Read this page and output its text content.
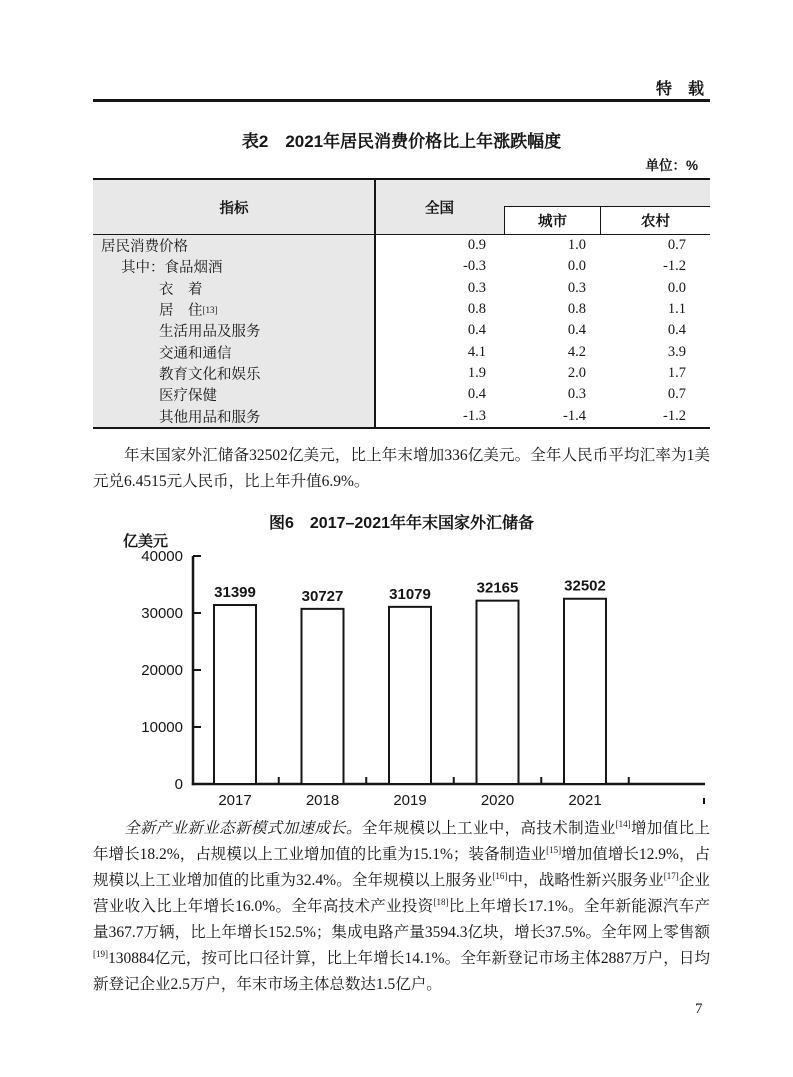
特　载
表2　2021年居民消费价格比上年涨跌幅度
单位：%
指标	全国
城市	农村
居民消费价格	0.9	1.0	0.7
其中：食品烟酒	-0.3	0.0	-1.2
衣　着	0.3	0.3	0.0
居　住 [13]	0.8	0.8	1.1
生活用品及服务	0.4	0.4	0.4
交通和通信	4.1	4.2	3.9
教育文化和娱乐	1.9	2.0	1.7
医疗保健	0.4	0.3	0.7
其他用品和服务	-1.3	-1.4	-1.2

年末国家外汇储备32502亿美元，比上年末增加336亿美元。全年人民币平均汇率为1美元兑6.4515元人民币，比上年升值6.9%。

图6　2017–2021年年末国家外汇储备
0
10000
20000
30000
40000
亿美元
31399
2017
30727
2018
31079
2019
32165
2020
32502
2021

全新产业新业态新模式加速成长。全年规模以上工业中，高技术制造业[14]增加值比上年增长18.2%，占规模以上工业增加值的比重为15.1%；装备制造业[15]增加值增长12.9%，占规模以上工业增加值的比重为32.4%。全年规模以上服务业[16]中，战略性新兴服务业[17]企业营业收入比上年增长16.0%。全年高技术产业投资[18]比上年增长17.1%。全年新能源汽车产量367.7万辆，比上年增长152.5%；集成电路产量3594.3亿块，增长37.5%。全年网上零售额[19]130884亿元，按可比口径计算，比上年增长14.1%。全年新登记市场主体2887万户，日均新登记企业2.5万户，年末市场主体总数达1.5亿户。

7
